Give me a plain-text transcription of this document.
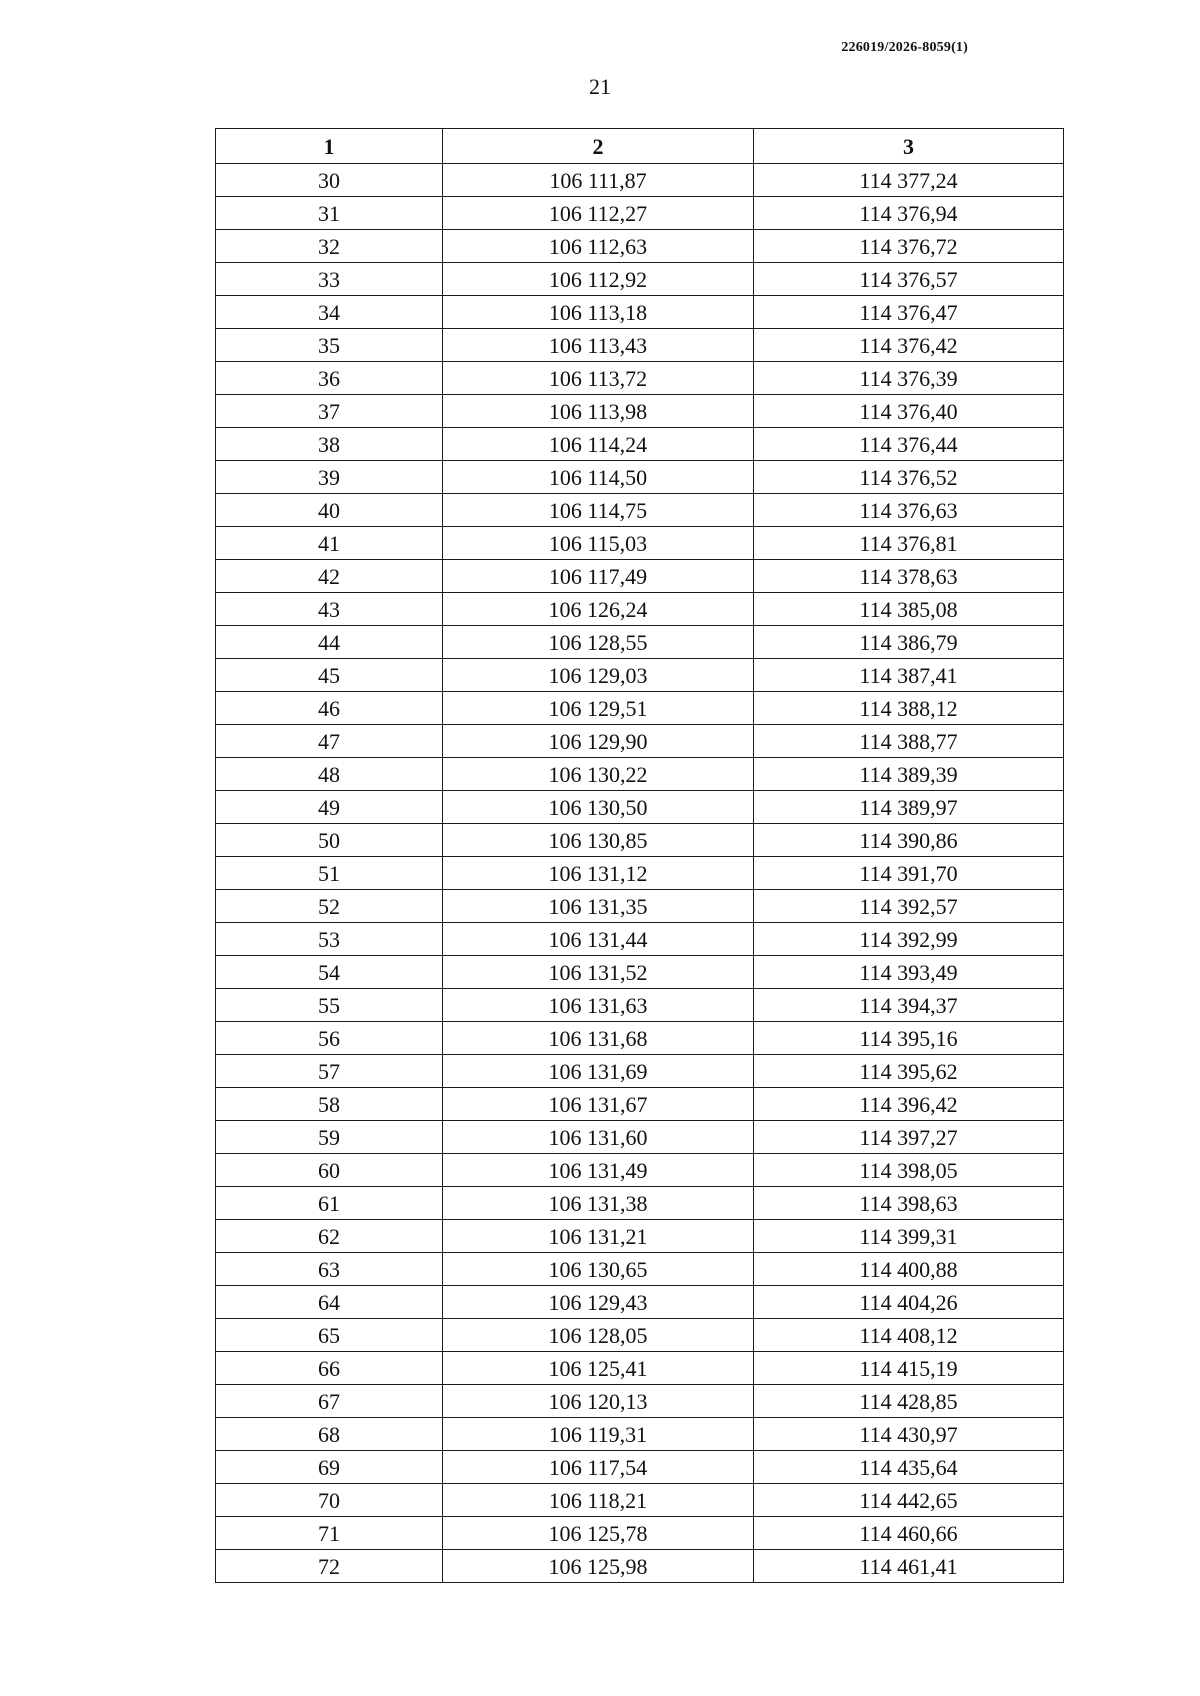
226019/2026-8059(1)
21
1	2	3
30	106 111,87	114 377,24
31	106 112,27	114 376,94
32	106 112,63	114 376,72
33	106 112,92	114 376,57
34	106 113,18	114 376,47
35	106 113,43	114 376,42
36	106 113,72	114 376,39
37	106 113,98	114 376,40
38	106 114,24	114 376,44
39	106 114,50	114 376,52
40	106 114,75	114 376,63
41	106 115,03	114 376,81
42	106 117,49	114 378,63
43	106 126,24	114 385,08
44	106 128,55	114 386,79
45	106 129,03	114 387,41
46	106 129,51	114 388,12
47	106 129,90	114 388,77
48	106 130,22	114 389,39
49	106 130,50	114 389,97
50	106 130,85	114 390,86
51	106 131,12	114 391,70
52	106 131,35	114 392,57
53	106 131,44	114 392,99
54	106 131,52	114 393,49
55	106 131,63	114 394,37
56	106 131,68	114 395,16
57	106 131,69	114 395,62
58	106 131,67	114 396,42
59	106 131,60	114 397,27
60	106 131,49	114 398,05
61	106 131,38	114 398,63
62	106 131,21	114 399,31
63	106 130,65	114 400,88
64	106 129,43	114 404,26
65	106 128,05	114 408,12
66	106 125,41	114 415,19
67	106 120,13	114 428,85
68	106 119,31	114 430,97
69	106 117,54	114 435,64
70	106 118,21	114 442,65
71	106 125,78	114 460,66
72	106 125,98	114 461,41
